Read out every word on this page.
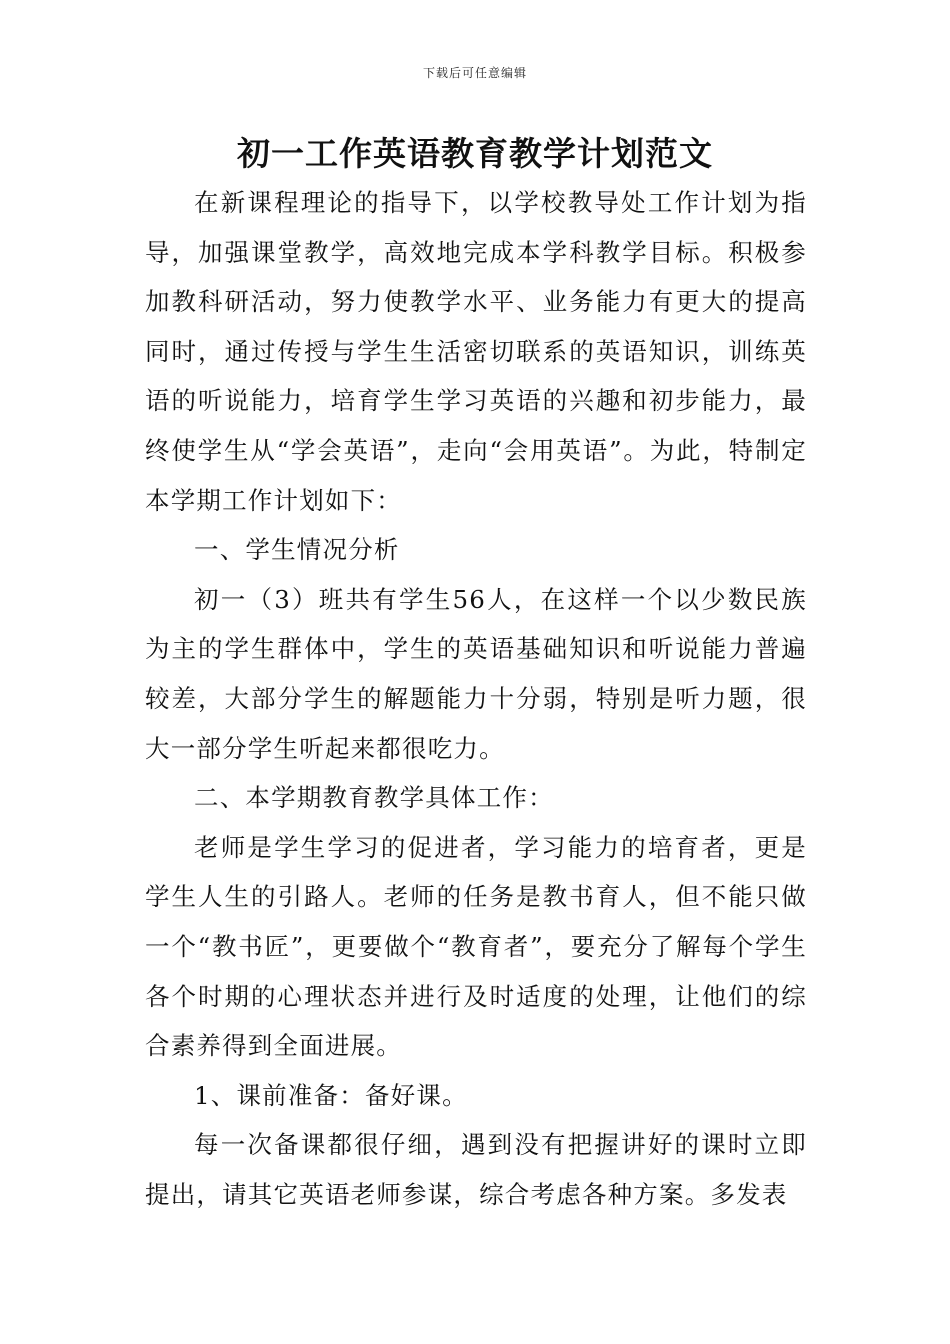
下载后可任意编辑
初一工作英语教育教学计划范文

在新课程理论的指导下，以学校教导处工作计划为指导，加强课堂教学，高效地完成本学科教学目标。积极参加教科研活动，努力使教学水平、业务能力有更大的提高同时，通过传授与学生生活密切联系的英语知识，训练英语的听说能力，培育学生学习英语的兴趣和初步能力，最终使学生从“学会英语”，走向“会用英语”。为此，特制定本学期工作计划如下：

一、学生情况分析

初一（3）班共有学生56人，在这样一个以少数民族为主的学生群体中，学生的英语基础知识和听说能力普遍较差，大部分学生的解题能力十分弱，特别是听力题，很大一部分学生听起来都很吃力。

二、本学期教育教学具体工作：

老师是学生学习的促进者，学习能力的培育者，更是学生人生的引路人。老师的任务是教书育人，但不能只做一个“教书匠”，更要做个“教育者”，要充分了解每个学生各个时期的心理状态并进行及时适度的处理，让他们的综合素养得到全面进展。

1、课前准备：备好课。

每一次备课都很仔细，遇到没有把握讲好的课时立即提出，请其它英语老师参谋，综合考虑各种方案。多发表
